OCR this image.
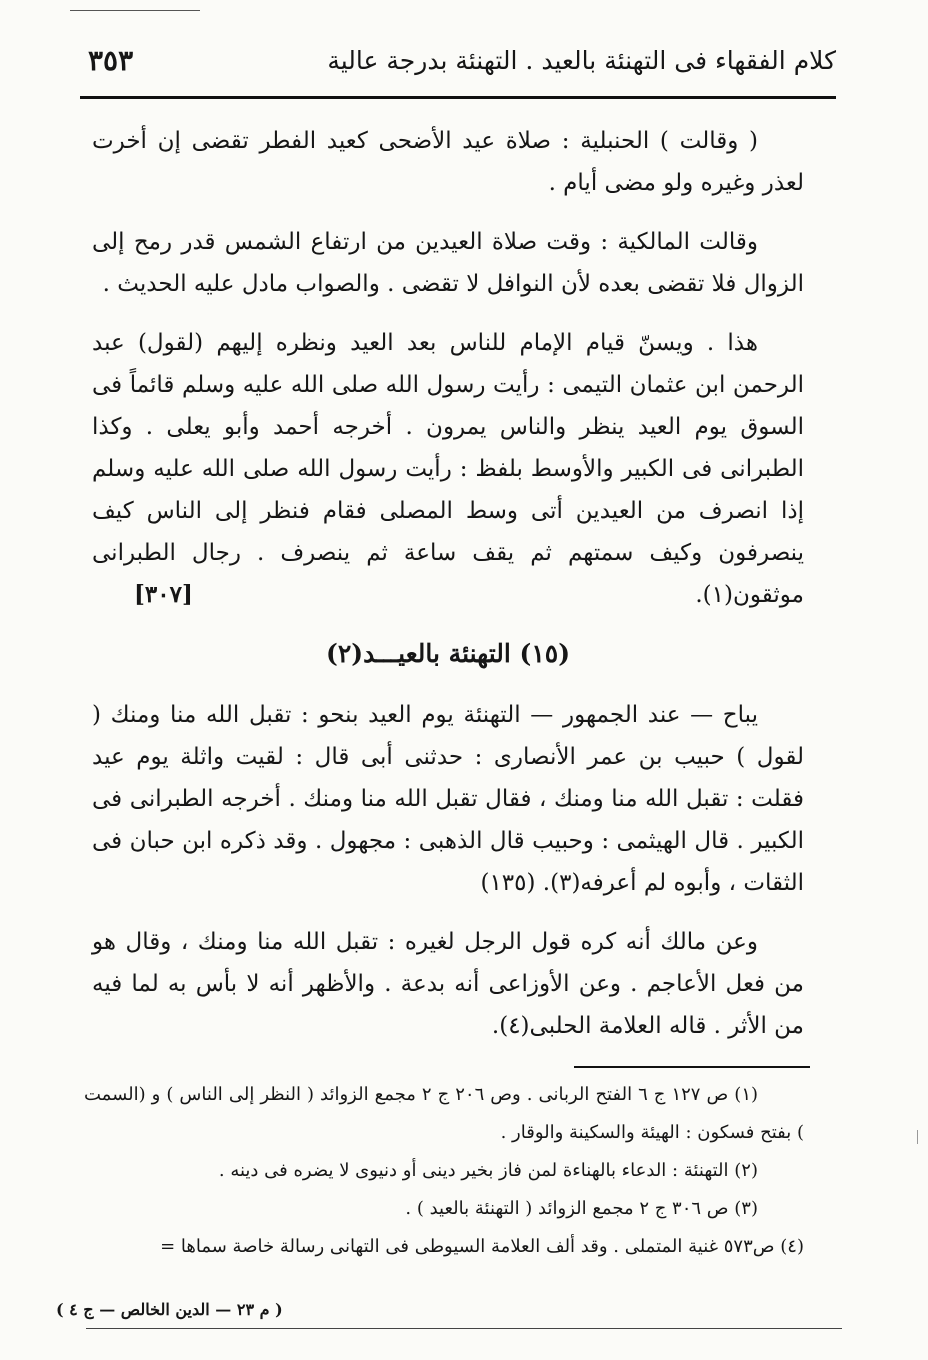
كلام الفقهاء فى التهنئة بالعيد . التهنئة بدرجة عالية
٣٥٣

( وقالت ) الحنبلية : صلاة عيد الأضحى كعيد الفطر تقضى إن أخرت لعذر وغيره ولو مضى أيام .

وقالت المالكية : وقت صلاة العيدين من ارتفاع الشمس قدر رمح إلى الزوال فلا تقضى بعده لأن النوافل لا تقضى . والصواب مادل عليه الحديث .

هذا . ويسنّ قيام الإمام للناس بعد العيد ونظره إليهم (لقول) عبد الرحمن ابن عثمان التيمى : رأيت رسول الله صلى الله عليه وسلم قائماً فى السوق يوم العيد ينظر والناس يمرون . أخرجه أحمد وأبو يعلى . وكذا الطبرانى فى الكبير والأوسط بلفظ : رأيت رسول الله صلى الله عليه وسلم إذا انصرف من العيدين أتى وسط المصلى فقام فنظر إلى الناس كيف ينصرفون وكيف سمتهم ثم يقف ساعة ثم ينصرف . رجال الطبرانى موثقون(١).
[٣٠٧]

(١٥) التهنئة بالعيـــد(٢)

يباح — عند الجمهور — التهنئة يوم العيد بنحو : تقبل الله منا ومنك ( لقول ) حبيب بن عمر الأنصارى : حدثنى أبى قال : لقيت واثلة يوم عيد فقلت : تقبل الله منا ومنك ، فقال تقبل الله منا ومنك . أخرجه الطبرانى فى الكبير . قال الهيثمى : وحبيب قال الذهبى : مجهول . وقد ذكره ابن حبان فى الثقات ، وأبوه لم أعرفه(٣). (١٣٥)

وعن مالك أنه كره قول الرجل لغيره : تقبل الله منا ومنك ، وقال هو من فعل الأعاجم . وعن الأوزاعى أنه بدعة . والأظهر أنه لا بأس به لما فيه من الأثر . قاله العلامة الحلبى(٤).

(١) ص ١٢٧ ج ٦ الفتح الربانى . وص ٢٠٦ ج ٢ مجمع الزوائد ( النظر إلى الناس ) و (السمت ) بفتح فسكون : الهيئة والسكينة والوقار .

(٢) التهنئة : الدعاء بالهناءة لمن فاز بخير دينى أو دنيوى لا يضره فى دينه .

(٣) ص ٣٠٦ ج ٢ مجمع الزوائد ( التهنئة بالعيد ) .

(٤) ص٥٧٣ غنية المتملى . وقد ألف العلامة السيوطى فى التهانى رسالة خاصة سماها =

( م ٢٣ — الدين الخالص — ج ٤ )
